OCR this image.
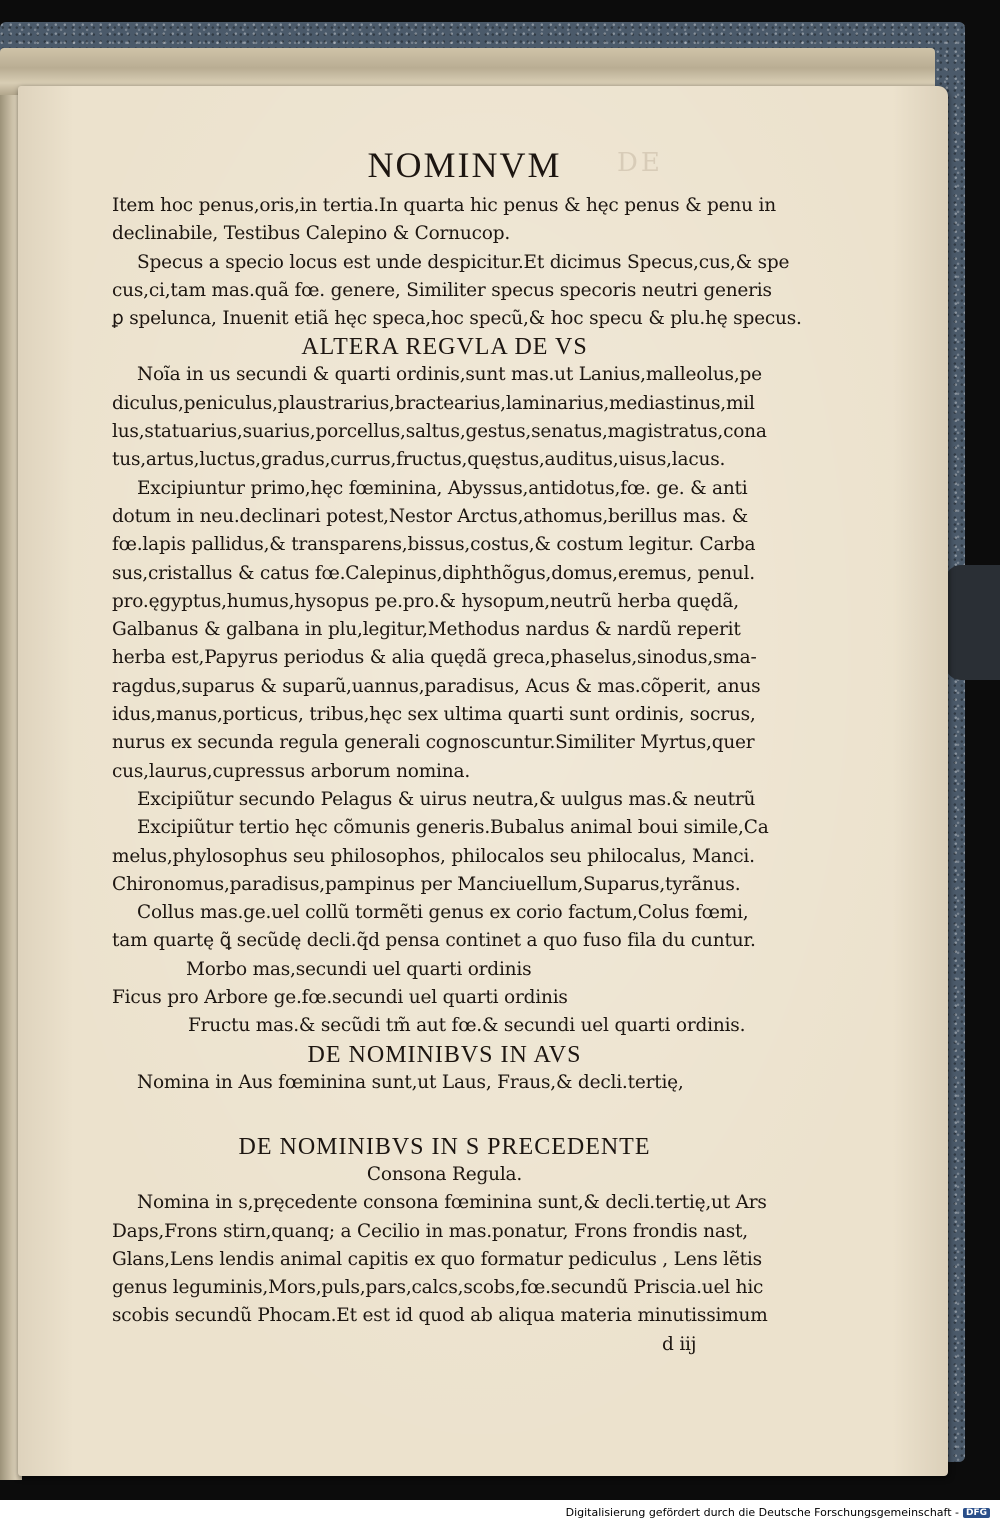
DE
NOMINVM
Item hoc penus,oris,in tertia.In quarta hic penus & hęc penus & penu in
declinabile, Testibus Calepino & Cornucop.
Specus a specio locus est unde despicitur.Et dicimus Specus,cus,& spe
cus,ci,tam mas.quã fœ. genere, Similiter specus specoris neutri generis
ꝑ spelunca, Inuenit etiã hęc speca,hoc specũ,& hoc specu & plu.hę specus.
ALTERA REGVLA DE VS
Noĩa in us secundi & quarti ordinis,sunt mas.ut Lanius,malleolus,pe
diculus,peniculus,plaustrarius,bractearius,laminarius,mediastinus,mil
lus,statuarius,suarius,porcellus,saltus,gestus,senatus,magistratus,cona
tus,artus,luctus,gradus,currus,fructus,quęstus,auditus,uisus,lacus.
Excipiuntur primo,hęc fœminina, Abyssus,antidotus,fœ. ge. & anti
dotum in neu.declinari potest,Nestor Arctus,athomus,berillus mas. &
fœ.lapis pallidus,& transparens,bissus,costus,& costum legitur. Carba
sus,cristallus & catus fœ.Calepinus,diphthõgus,domus,eremus, penul.
pro.ęgyptus,humus,hysopus pe.pro.& hysopum,neutrũ herba quędã,
Galbanus & galbana in plu,legitur,Methodus nardus & nardũ reperit
herba est,Papyrus periodus & alia quędã greca,phaselus,sinodus,sma-
ragdus,suparus & suparũ,uannus,paradisus, Acus & mas.cõperit, anus
idus,manus,porticus, tribus,hęc sex ultima quarti sunt ordinis, socrus,
nurus ex secunda regula generali cognoscuntur.Similiter Myrtus,quer
cus,laurus,cupressus arborum nomina.
Excipiũtur secundo Pelagus & uirus neutra,& uulgus mas.& neutrũ
Excipiũtur tertio hęc cõmunis generis.Bubalus animal boui simile,Ca
melus,phylosophus seu philosophos, philocalos seu philocalus, Manci.
Chironomus,paradisus,pampinus per Manciuellum,Suparus,tyrãnus.
Collus mas.ge.uel collũ tormẽti genus ex corio factum,Colus fœmi,
tam quartę ꝗ͂ secũdę decli.q̃d pensa continet a quo fuso fila du cuntur.
Morbo mas,secundi uel quarti ordinis
Ficus pro Arbore ge.fœ.secundi uel quarti ordinis
Fructu mas.& secũdi tm̃ aut fœ.& secundi uel quarti ordinis.
DE NOMINIBVS IN AVS
Nomina in Aus fœminina sunt,ut Laus, Fraus,& decli.tertię,
DE NOMINIBVS IN S PRECEDENTE
Consona Regula.
Nomina in s,pręcedente consona fœminina sunt,& decli.tertię,ut Ars
Daps,Frons stirn,quanq; a Cecilio in mas.ponatur, Frons frondis nast,
Glans,Lens lendis animal capitis ex quo formatur pediculus , Lens lẽtis
genus leguminis,Mors,puls,pars,calcs,scobs,fœ.secundũ Priscia.uel hic
scobis secundũ Phocam.Et est id quod ab aliqua materia minutissimum
d iij
Digitalisierung gefördert durch die Deutsche Forschungsgemeinschaft - DFG
